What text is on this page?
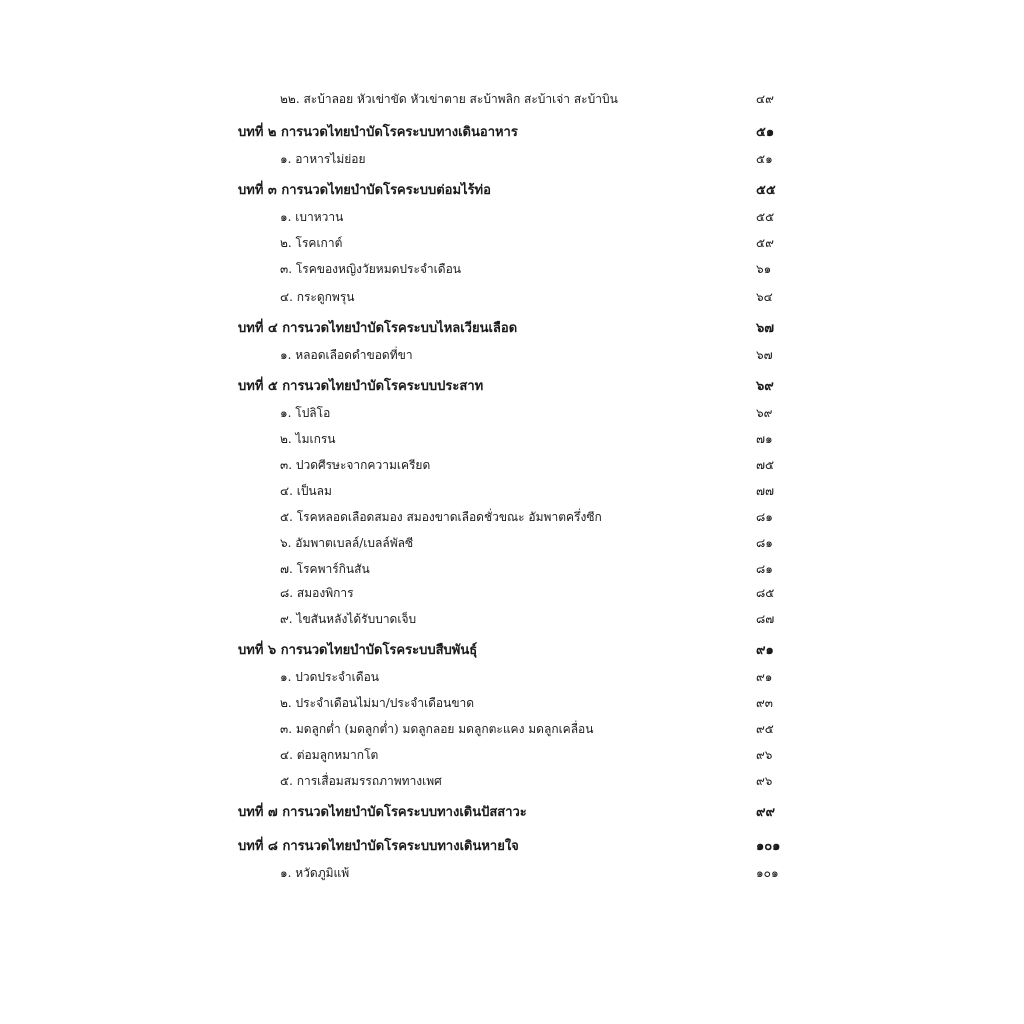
๒๒. สะบ้าลอย หัวเข่าขัด หัวเข่าตาย สะบ้าพลิก สะบ้าเจ่า สะบ้าบิน	๔๙
บทที่ ๒ การนวดไทยบำบัดโรคระบบทางเดินอาหาร	๕๑
๑. อาหารไม่ย่อย	๕๑
บทที่ ๓ การนวดไทยบำบัดโรคระบบต่อมไร้ท่อ	๕๕
๑. เบาหวาน	๕๕
๒. โรคเกาต์	๕๙
๓. โรคของหญิงวัยหมดประจำเดือน	๖๑
๔. กระดูกพรุน	๖๔
บทที่ ๔ การนวดไทยบำบัดโรคระบบไหลเวียนเลือด	๖๗
๑. หลอดเลือดดำขอดที่ขา	๖๗
บทที่ ๕ การนวดไทยบำบัดโรคระบบประสาท	๖๙
๑. โปลิโอ	๖๙
๒. ไมเกรน	๗๑
๓. ปวดศีรษะจากความเครียด	๗๕
๔. เป็นลม	๗๗
๕. โรคหลอดเลือดสมอง สมองขาดเลือดชั่วขณะ อัมพาตครึ่งซีก	๘๑
๖. อัมพาตเบลล์/เบลล์พัลซี	๘๑
๗. โรคพาร์กินสัน	๘๑
๘. สมองพิการ	๘๕
๙. ไขสันหลังได้รับบาดเจ็บ	๘๗
บทที่ ๖ การนวดไทยบำบัดโรคระบบสืบพันธุ์	๙๑
๑. ปวดประจำเดือน	๙๑
๒. ประจำเดือนไม่มา/ประจำเดือนขาด	๙๓
๓. มดลูกต่ำ (มดลูกต่ำ) มดลูกลอย มดลูกตะแคง มดลูกเคลื่อน	๙๕
๔. ต่อมลูกหมากโต	๙๖
๕. การเสื่อมสมรรถภาพทางเพศ	๙๖
บทที่ ๗ การนวดไทยบำบัดโรคระบบทางเดินปัสสาวะ	๙๙
บทที่ ๘ การนวดไทยบำบัดโรคระบบทางเดินหายใจ	๑๐๑
๑. หวัดภูมิแพ้	๑๐๑
